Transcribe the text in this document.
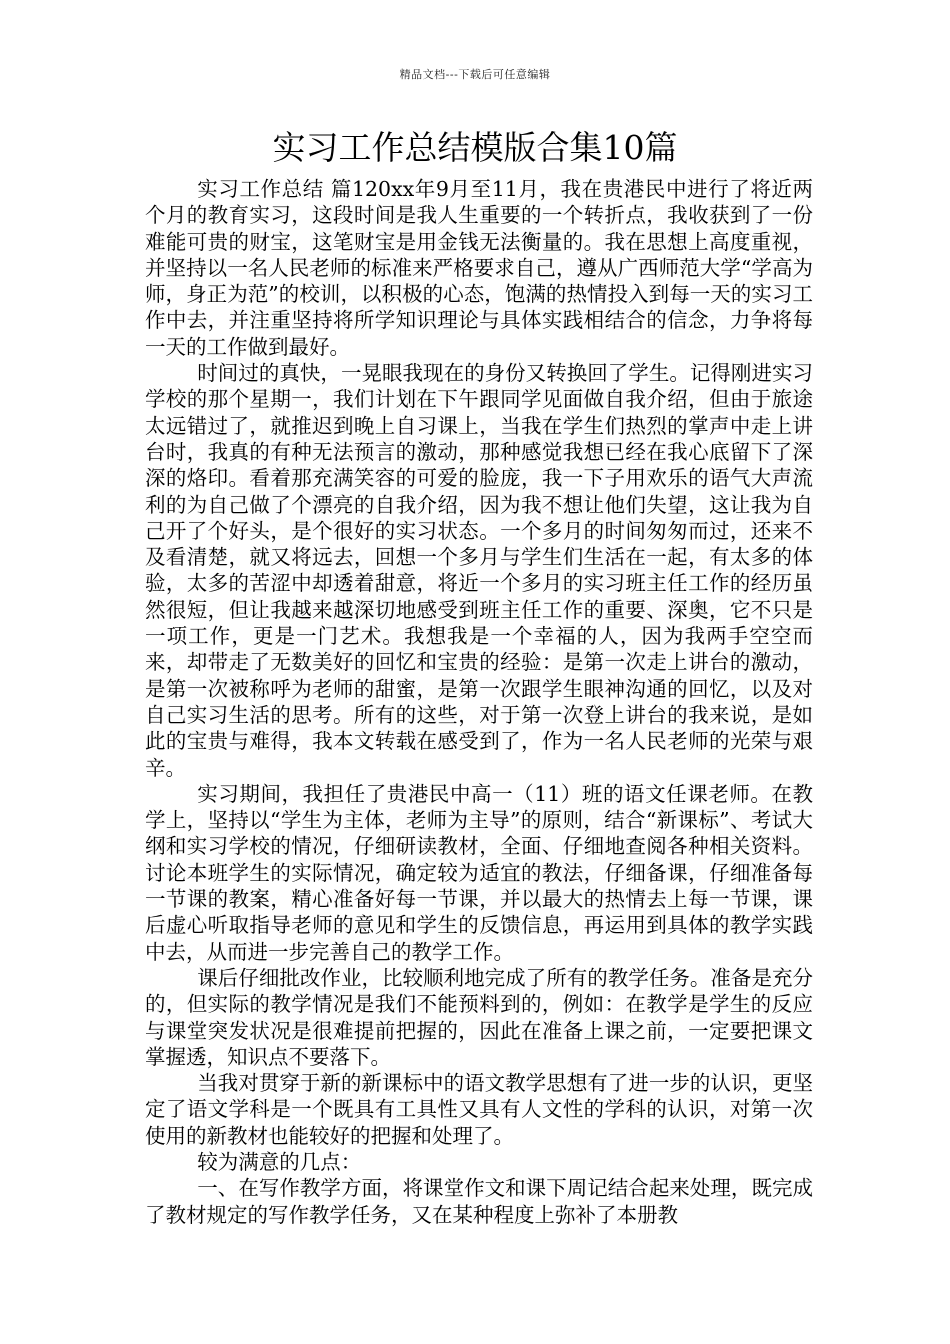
精品文档---下载后可任意编辑
实习工作总结模版合集10篇

实习工作总结 篇120xx年9月至11月，我在贵港民中进行了将近两个月的教育实习，这段时间是我人生重要的一个转折点，我收获到了一份难能可贵的财宝，这笔财宝是用金钱无法衡量的。我在思想上高度重视，并坚持以一名人民老师的标准来严格要求自己，遵从广西师范大学“学高为师，身正为范”的校训，以积极的心态，饱满的热情投入到每一天的实习工作中去，并注重坚持将所学知识理论与具体实践相结合的信念，力争将每一天的工作做到最好。

时间过的真快，一晃眼我现在的身份又转换回了学生。记得刚进实习学校的那个星期一，我们计划在下午跟同学见面做自我介绍，但由于旅途太远错过了，就推迟到晚上自习课上，当我在学生们热烈的掌声中走上讲台时，我真的有种无法预言的激动，那种感觉我想已经在我心底留下了深深的烙印。看着那充满笑容的可爱的脸庞，我一下子用欢乐的语气大声流利的为自己做了个漂亮的自我介绍，因为我不想让他们失望，这让我为自己开了个好头，是个很好的实习状态。一个多月的时间匆匆而过，还来不及看清楚，就又将远去，回想一个多月与学生们生活在一起，有太多的体验，太多的苦涩中却透着甜意，将近一个多月的实习班主任工作的经历虽然很短，但让我越来越深切地感受到班主任工作的重要、深奥，它不只是一项工作，更是一门艺术。我想我是一个幸福的人，因为我两手空空而来，却带走了无数美好的回忆和宝贵的经验：是第一次走上讲台的激动，是第一次被称呼为老师的甜蜜，是第一次跟学生眼神沟通的回忆，以及对自己实习生活的思考。所有的这些，对于第一次登上讲台的我来说，是如此的宝贵与难得，我本文转载在感受到了，作为一名人民老师的光荣与艰辛。

实习期间，我担任了贵港民中高一（11）班的语文任课老师。在教学上，坚持以“学生为主体，老师为主导”的原则，结合“新课标”、考试大纲和实习学校的情况，仔细研读教材，全面、仔细地查阅各种相关资料。讨论本班学生的实际情况，确定较为适宜的教法，仔细备课，仔细准备每一节课的教案，精心准备好每一节课，并以最大的热情去上每一节课，课后虚心听取指导老师的意见和学生的反馈信息，再运用到具体的教学实践中去，从而进一步完善自己的教学工作。

课后仔细批改作业，比较顺利地完成了所有的教学任务。准备是充分的，但实际的教学情况是我们不能预料到的，例如：在教学是学生的反应与课堂突发状况是很难提前把握的，因此在准备上课之前，一定要把课文掌握透，知识点不要落下。

当我对贯穿于新的新课标中的语文教学思想有了进一步的认识，更坚定了语文学科是一个既具有工具性又具有人文性的学科的认识，对第一次使用的新教材也能较好的把握和处理了。

较为满意的几点：

一、在写作教学方面，将课堂作文和课下周记结合起来处理，既完成了教材规定的写作教学任务，又在某种程度上弥补了本册教
